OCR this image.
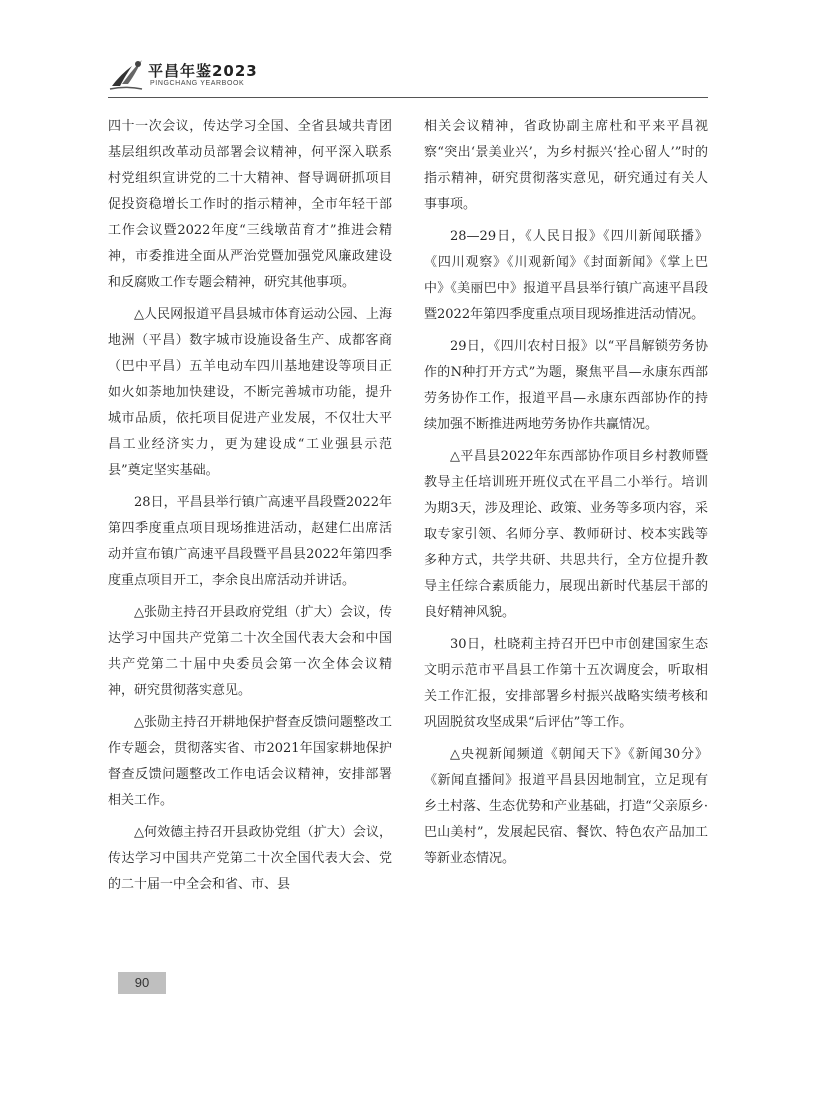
平昌年鉴2023
PINGCHANG YEARBOOK

四十一次会议，传达学习全国、全省县域共青团基层组织改革动员部署会议精神，何平深入联系村党组织宣讲党的二十大精神、督导调研抓项目促投资稳增长工作时的指示精神，全市年轻干部工作会议暨2022年度“三线墩苗育才”推进会精神，市委推进全面从严治党暨加强党风廉政建设和反腐败工作专题会精神，研究其他事项。

△人民网报道平昌县城市体育运动公园、上海地洲（平昌）数字城市设施设备生产、成都客商（巴中平昌）五羊电动车四川基地建设等项目正如火如荼地加快建设，不断完善城市功能，提升城市品质，依托项目促进产业发展，不仅壮大平昌工业经济实力，更为建设成“工业强县示范县”奠定坚实基础。

28日，平昌县举行镇广高速平昌段暨2022年第四季度重点项目现场推进活动，赵建仁出席活动并宣布镇广高速平昌段暨平昌县2022年第四季度重点项目开工，李余良出席活动并讲话。

△张勋主持召开县政府党组（扩大）会议，传达学习中国共产党第二十次全国代表大会和中国共产党第二十届中央委员会第一次全体会议精神，研究贯彻落实意见。

△张勋主持召开耕地保护督查反馈问题整改工作专题会，贯彻落实省、市2021年国家耕地保护督查反馈问题整改工作电话会议精神，安排部署相关工作。

△何效德主持召开县政协党组（扩大）会议，传达学习中国共产党第二十次全国代表大会、党的二十届一中全会和省、市、县

相关会议精神，省政协副主席杜和平来平昌视察“突出‘景美业兴’，为乡村振兴‘拴心留人’”时的指示精神，研究贯彻落实意见，研究通过有关人事事项。

28—29日，《人民日报》《四川新闻联播》《四川观察》《川观新闻》《封面新闻》《掌上巴中》《美丽巴中》报道平昌县举行镇广高速平昌段暨2022年第四季度重点项目现场推进活动情况。

29日，《四川农村日报》以“平昌解锁劳务协作的N种打开方式”为题，聚焦平昌—永康东西部劳务协作工作，报道平昌—永康东西部协作的持续加强不断推进两地劳务协作共赢情况。

△平昌县2022年东西部协作项目乡村教师暨教导主任培训班开班仪式在平昌二小举行。培训为期3天，涉及理论、政策、业务等多项内容，采取专家引领、名师分享、教师研讨、校本实践等多种方式，共学共研、共思共行，全方位提升教导主任综合素质能力，展现出新时代基层干部的良好精神风貌。

30日，杜晓莉主持召开巴中市创建国家生态文明示范市平昌县工作第十五次调度会，听取相关工作汇报，安排部署乡村振兴战略实绩考核和巩固脱贫攻坚成果“后评估”等工作。

△央视新闻频道《朝闻天下》《新闻30分》《新闻直播间》报道平昌县因地制宜，立足现有乡土村落、生态优势和产业基础，打造“父亲原乡·巴山美村”，发展起民宿、餐饮、特色农产品加工等新业态情况。

90
